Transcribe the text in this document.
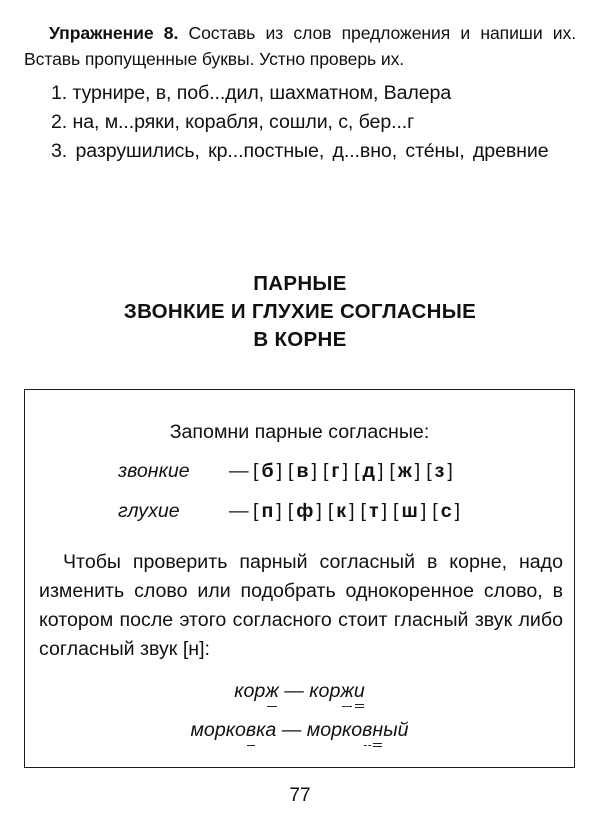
Упражнение 8. Составь из слов предложения и напиши их. Вставь пропущенные буквы. Устно проверь их.

1. турнире, в, поб...дил, шахматном, Валера

2. на, м...ряки, корабля, сошли, с, бер...г

3. разрушились, кр...постные, д...вно, сте́ны, древние

ПАРНЫЕ
ЗВОНКИЕ И ГЛУХИЕ СОГЛАСНЫЕ
В КОРНЕ
Запомни парные согласные:
звонкие — [ б ] [ в ] [ г ] [ д ] [ ж ] [ з ]
глухие	— [ п ] [ ф ] [ к ] [ т ] [ ш ] [ с ]

Чтобы проверить парный согласный в корне, надо изменить слово или подобрать однокоренное слово, в котором после этого согласного стоит гласный звук либо согласный звук [н]:

корж — коржи
морковка — морковный
77
